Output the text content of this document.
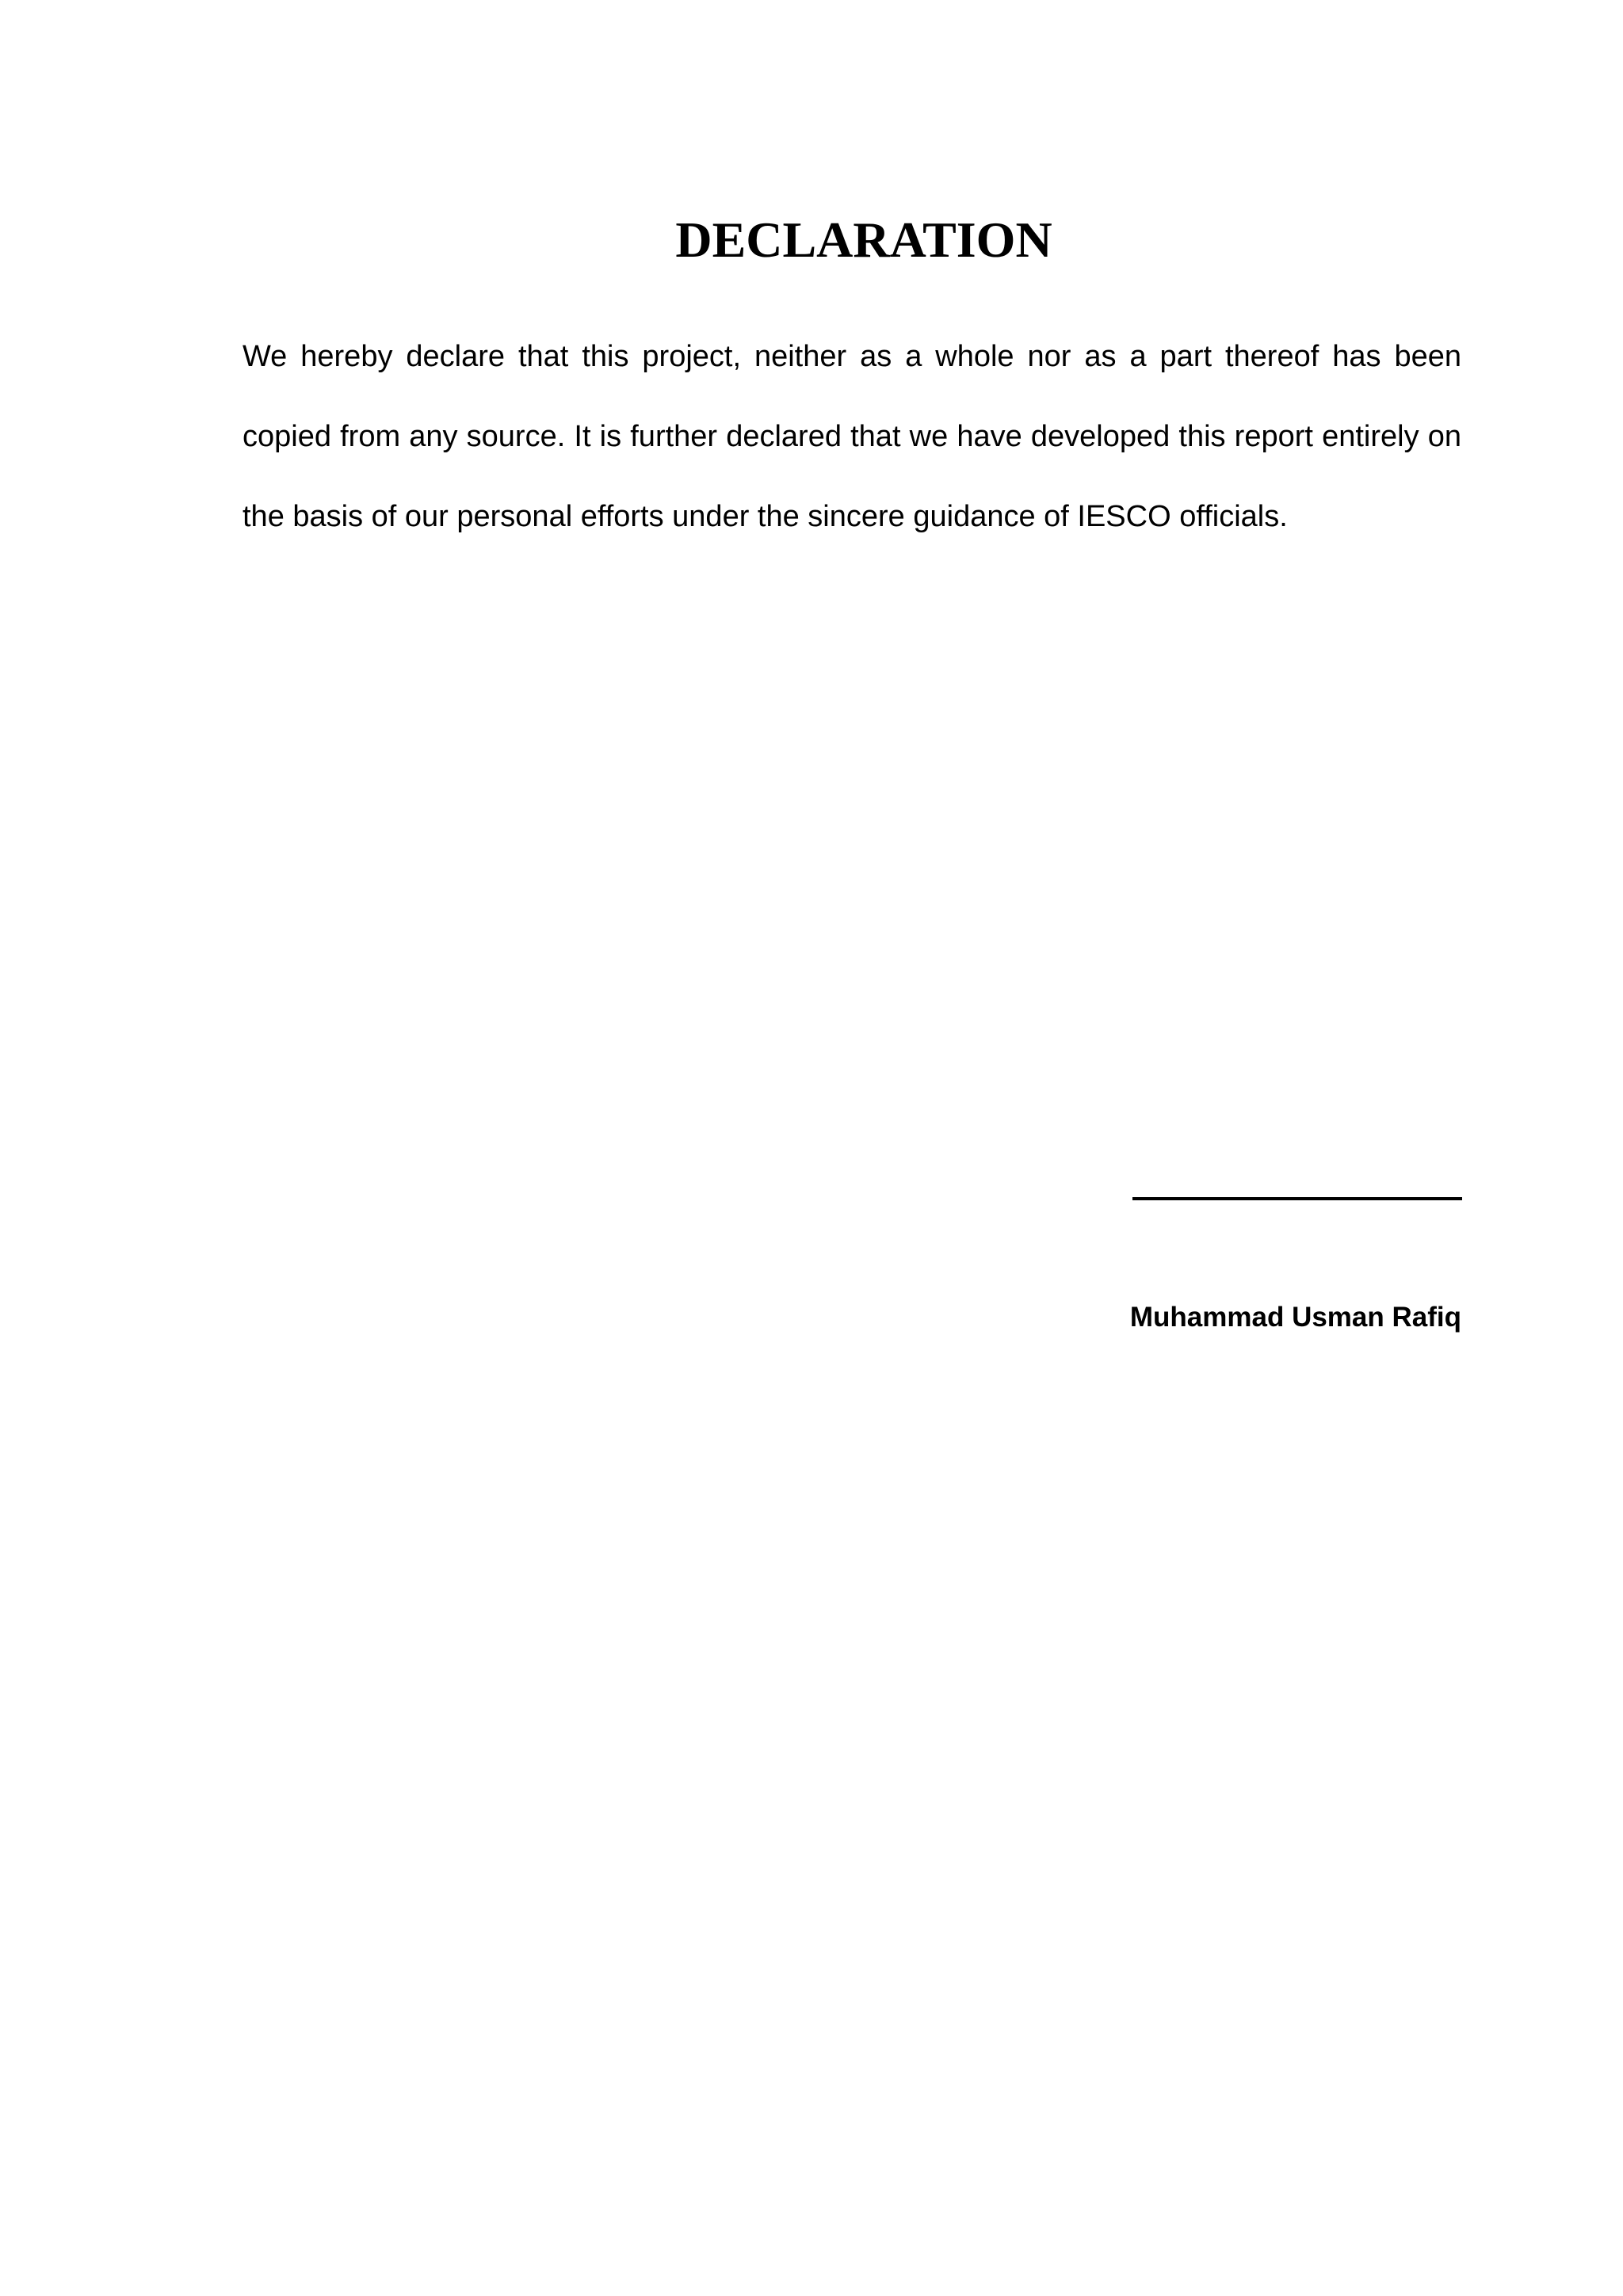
DECLARATION

We hereby declare that this project, neither as a whole nor as a part thereof has been copied from any source. It is further declared that we have developed this report entirely on the basis of our personal efforts under the sincere guidance of IESCO officials.

Muhammad Usman Rafiq
